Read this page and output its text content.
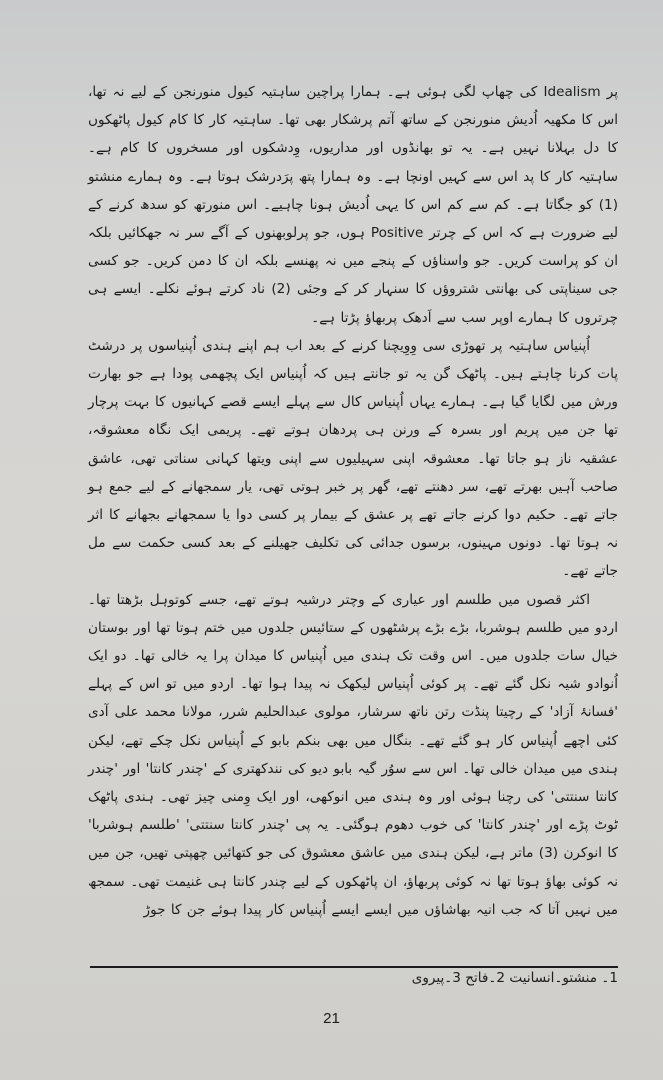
پر Idealism کی چھاپ لگی ہوئی ہے۔ ہمارا پراچین ساہتیہ کیول منورنجن کے لیے نہ تھا، اس کا مکھیہ اُدیش منورنجن کے ساتھ آتم پرشکار بھی تھا۔ ساہتیہ کار کا کام کیول پاٹھکوں کا دل بہلانا نہیں ہے۔ یہ تو بھانڈوں اور مداریوں، وِدشکوں اور مسخروں کا کام ہے۔ ساہتیہ کار کا پد اس سے کہیں اونچا ہے۔ وہ ہمارا پتھ پرَدرشک ہوتا ہے۔ وہ ہمارے منشتو (1) کو جگاتا ہے۔ کم سے کم اس کا یہی اُدیش ہونا چاہیے۔ اس منورتھ کو سدھ کرنے کے لیے ضرورت ہے کہ اس کے چرتر Positive ہوں، جو پرلوبھنوں کے آگے سر نہ جھکائیں بلکہ ان کو پراست کریں۔ جو واسناؤں کے پنجے میں نہ پھنسے بلکہ ان کا دمن کریں۔ جو کسی جی سیناپتی کی بھانتی شتروؤں کا سنہار کر کے وجئی (2) ناد کرتے ہوئے نکلے۔ ایسے ہی چرتروں کا ہمارے اوپر سب سے اَدھک پربھاؤ پڑتا ہے۔

اُپنیاس ساہتیہ پر تھوڑی سی وِوِیچنا کرنے کے بعد اب ہم اپنے ہندی اُپنیاسوں پر درشٹ پات کرنا چاہتے ہیں۔ پاٹھک گن یہ تو جانتے ہیں کہ اُپنیاس ایک پچھمی پودا ہے جو بھارت ورش میں لگایا گیا ہے۔ ہمارے یہاں اُپنیاس کال سے پہلے ایسے قصے کہانیوں کا بہت پرچار تھا جن میں پریم اور بسرہ کے ورنن ہی پردھان ہوتے تھے۔ پریمی ایک نگاہ معشوقہ، عشقیہ ناز ہو جاتا تھا۔ معشوقہ اپنی سہیلیوں سے اپنی ویتھا کہانی سناتی تھی، عاشق صاحب آہیں بھرتے تھے، سر دھنتے تھے، گھر پر خبر ہوتی تھی، یار سمجھانے کے لیے جمع ہو جاتے تھے۔ حکیم دوا کرنے جاتے تھے پر عشق کے بیمار پر کسی دوا یا سمجھانے بجھانے کا اثر نہ ہوتا تھا۔ دونوں مہینوں، برسوں جدائی کی تکلیف جھیلنے کے بعد کسی حکمت سے مل جاتے تھے۔

اکثر قصوں میں طلسم اور عیاری کے وچتر درشیہ ہوتے تھے، جسے کوتوہل بڑھتا تھا۔ اردو میں طلسم ہوشربا، بڑے بڑے پرشٹھوں کے ستائیس جلدوں میں ختم ہوتا تھا اور بوستان خیال سات جلدوں میں۔ اس وقت تک ہندی میں اُپنیاس کا میدان پرا یہ خالی تھا۔ دو ایک اُنوادو شیہ نکل گئے تھے۔ پر کوئی اُپنیاس لیکھک نہ پیدا ہوا تھا۔ اردو میں تو اس کے پہلے 'فسانۂ آزاد' کے رچیتا پنڈت رتن ناتھ سرشار، مولوی عبدالحلیم شرر، مولانا محمد علی آدی کئی اچھے اُپنیاس کار ہو گئے تھے۔ بنگال میں بھی بنکم بابو کے اُپنیاس نکل چکے تھے، لیکن ہندی میں میدان خالی تھا۔ اس سے سوُر گیہ بابو دیو کی نندکھتری کے 'چندر کانتا' اور 'چندر کانتا سنتتی' کی رچنا ہوئی اور وہ ہندی میں انوکھی، اور ایک وِمنی چیز تھی۔ ہندی پاٹھک ٹوٹ پڑے اور 'چندر کانتا' کی خوب دھوم ہوگئی۔ یہ پی 'چندر کانتا سنتتی' 'طلسم ہوشربا' کا انوکرن (3) ماتر ہے، لیکن ہندی میں عاشق معشوق کی جو کتھائیں چھپتی تھیں، جن میں نہ کوئی بھاؤ ہوتا تھا نہ کوئی پربھاؤ، ان پاٹھکوں کے لیے چندر کانتا ہی غنیمت تھی۔ سمجھ میں نہیں آتا کہ جب انیہ بھاشاؤں میں ایسے ایسے اُپنیاس کار پیدا ہوئے جن کا جوڑ

1۔ منشتو۔انسانیت 2۔فاتح 3۔پیروی
21
